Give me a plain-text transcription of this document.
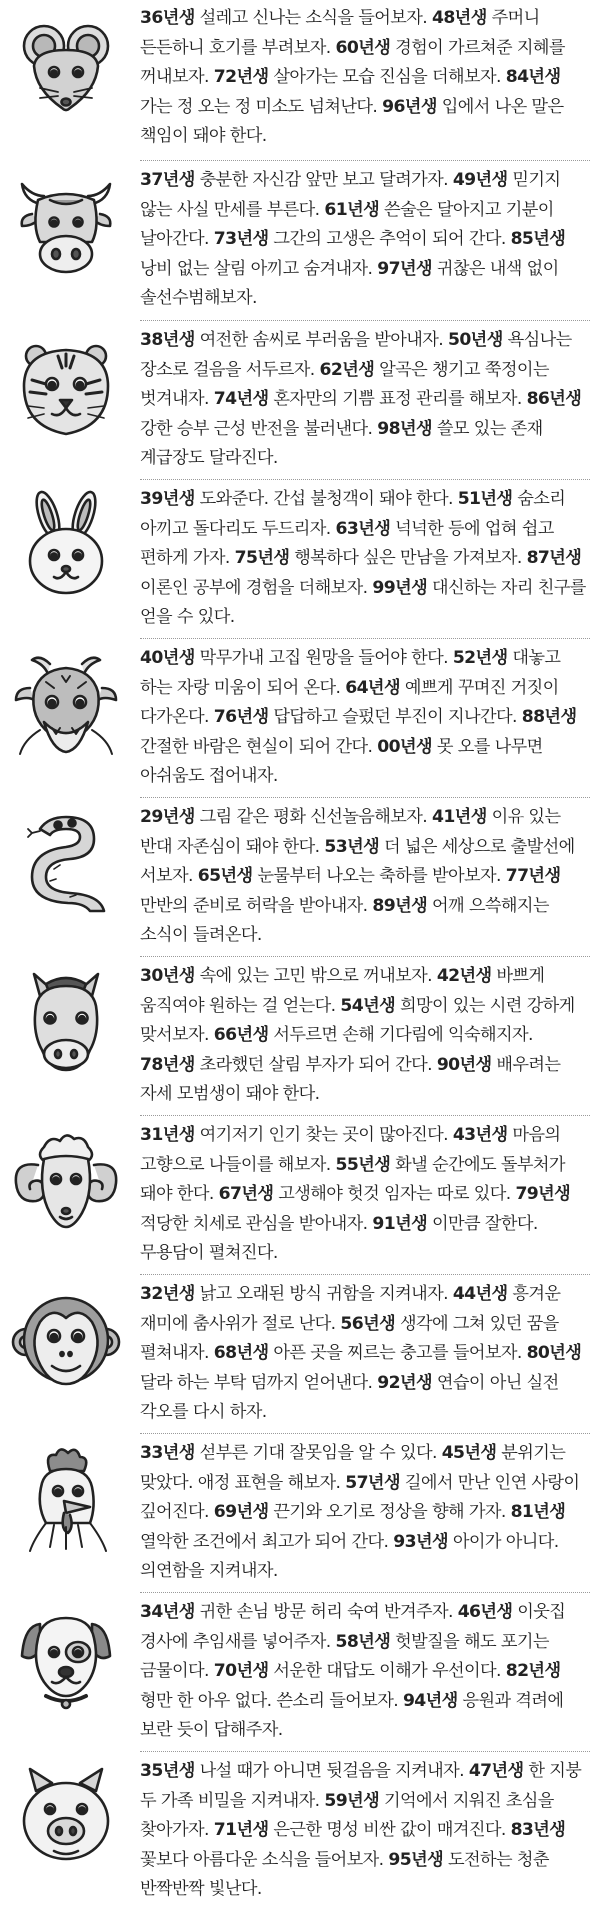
36년생 설레고 신나는 소식을 들어보자. 48년생 주머니 든든하니 호기를 부려보자. 60년생 경험이 가르쳐준 지혜를 꺼내보자. 72년생 살아가는 모습 진심을 더해보자. 84년생 가는 정 오는 정 미소도 넘쳐난다. 96년생 입에서 나온 말은 책임이 돼야 한다.
37년생 충분한 자신감 앞만 보고 달려가자. 49년생 믿기지 않는 사실 만세를 부른다. 61년생 쓴술은 달아지고 기분이 날아간다. 73년생 그간의 고생은 추억이 되어 간다. 85년생 낭비 없는 살림 아끼고 숨겨내자. 97년생 귀찮은 내색 없이 솔선수범해보자.
38년생 여전한 솜씨로 부러움을 받아내자. 50년생 욕심나는 장소로 걸음을 서두르자. 62년생 알곡은 챙기고 쭉정이는 벗겨내자. 74년생 혼자만의 기쁨 표정 관리를 해보자. 86년생 강한 승부 근성 반전을 불러낸다. 98년생 쓸모 있는 존재 계급장도 달라진다.
39년생 도와준다. 간섭 불청객이 돼야 한다. 51년생 숨소리 아끼고 돌다리도 두드리자. 63년생 넉넉한 등에 업혀 쉽고 편하게 가자. 75년생 행복하다 싶은 만남을 가져보자. 87년생 이론인 공부에 경험을 더해보자. 99년생 대신하는 자리 친구를 얻을 수 있다.
40년생 막무가내 고집 원망을 들어야 한다. 52년생 대놓고 하는 자랑 미움이 되어 온다. 64년생 예쁘게 꾸며진 거짓이 다가온다. 76년생 답답하고 슬펐던 부진이 지나간다. 88년생 간절한 바람은 현실이 되어 간다. 00년생 못 오를 나무면 아쉬움도 접어내자.
29년생 그림 같은 평화 신선놀음해보자. 41년생 이유 있는 반대 자존심이 돼야 한다. 53년생 더 넓은 세상으로 출발선에 서보자. 65년생 눈물부터 나오는 축하를 받아보자. 77년생 만반의 준비로 허락을 받아내자. 89년생 어깨 으쓱해지는 소식이 들려온다.
30년생 속에 있는 고민 밖으로 꺼내보자. 42년생 바쁘게 움직여야 원하는 걸 얻는다. 54년생 희망이 있는 시련 강하게 맞서보자. 66년생 서두르면 손해 기다림에 익숙해지자. 78년생 초라했던 살림 부자가 되어 간다. 90년생 배우려는 자세 모범생이 돼야 한다.
31년생 여기저기 인기 찾는 곳이 많아진다. 43년생 마음의 고향으로 나들이를 해보자. 55년생 화낼 순간에도 돌부처가 돼야 한다. 67년생 고생해야 헛것 임자는 따로 있다. 79년생 적당한 치세로 관심을 받아내자. 91년생 이만큼 잘한다. 무용담이 펼쳐진다.
32년생 낡고 오래된 방식 귀함을 지켜내자. 44년생 흥겨운 재미에 춤사위가 절로 난다. 56년생 생각에 그쳐 있던 꿈을 펼쳐내자. 68년생 아픈 곳을 찌르는 충고를 들어보자. 80년생 달라 하는 부탁 덤까지 얻어낸다. 92년생 연습이 아닌 실전 각오를 다시 하자.
33년생 섣부른 기대 잘못임을 알 수 있다. 45년생 분위기는 맞았다. 애정 표현을 해보자. 57년생 길에서 만난 인연 사랑이 깊어진다. 69년생 끈기와 오기로 정상을 향해 가자. 81년생 열악한 조건에서 최고가 되어 간다. 93년생 아이가 아니다. 의연함을 지켜내자.
34년생 귀한 손님 방문 허리 숙여 반겨주자. 46년생 이웃집 경사에 추임새를 넣어주자. 58년생 헛발질을 해도 포기는 금물이다. 70년생 서운한 대답도 이해가 우선이다. 82년생 형만 한 아우 없다. 쓴소리 들어보자. 94년생 응원과 격려에 보란 듯이 답해주자.
35년생 나설 때가 아니면 뒷걸음을 지켜내자. 47년생 한 지붕 두 가족 비밀을 지켜내자. 59년생 기억에서 지워진 초심을 찾아가자. 71년생 은근한 명성 비싼 값이 매겨진다. 83년생 꽃보다 아름다운 소식을 들어보자. 95년생 도전하는 청춘 반짝반짝 빛난다.
